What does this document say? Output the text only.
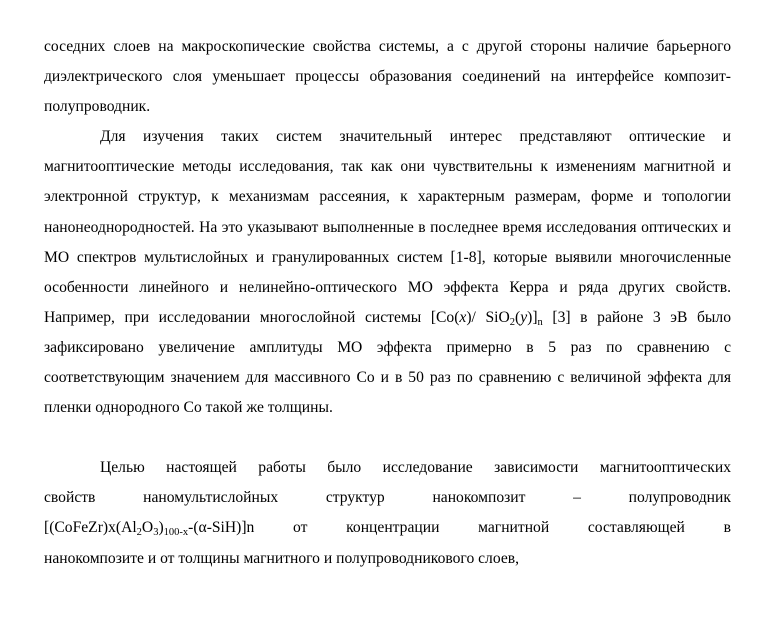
соседних слоев на макроскопические свойства системы, а с другой стороны наличие барьерного диэлектрического слоя уменьшает процессы образования соединений на интерфейсе композит-полупроводник.

Для изучения таких систем значительный интерес представляют оптические и магнитооптические методы исследования, так как они чувствительны к изменениям магнитной и электронной структур, к механизмам рассеяния, к характерным размерам, форме и топологии нанонеоднородностей. На это указывают выполненные в последнее время исследования оптических и МО спектров мультислойных и гранулированных систем [1-8], которые выявили многочисленные особенности линейного и нелинейно-оптического МО эффекта Керра и ряда других свойств. Например, при исследовании многослойной системы [Co(x)/ $SiO_2(y)]_n$ [3] в районе 3 эВ было зафиксировано увеличение амплитуды МО эффекта примерно в 5 раз по сравнению с соответствующим значением для массивного Co и в 50 раз по сравнению с величиной эффекта для пленки однородного Co такой же толщины.

Целью настоящей работы было исследование зависимости магнитооптических

свойств	наномультислойных	структур	нанокомпозит	–	полупроводник
$[(CoFeZr)x(Al_2O_3)_{100-x}-(\alpha-SiH)]n$ от концентрации магнитной составляющей в

нанокомпозите и от толщины магнитного и полупроводникового слоев,
